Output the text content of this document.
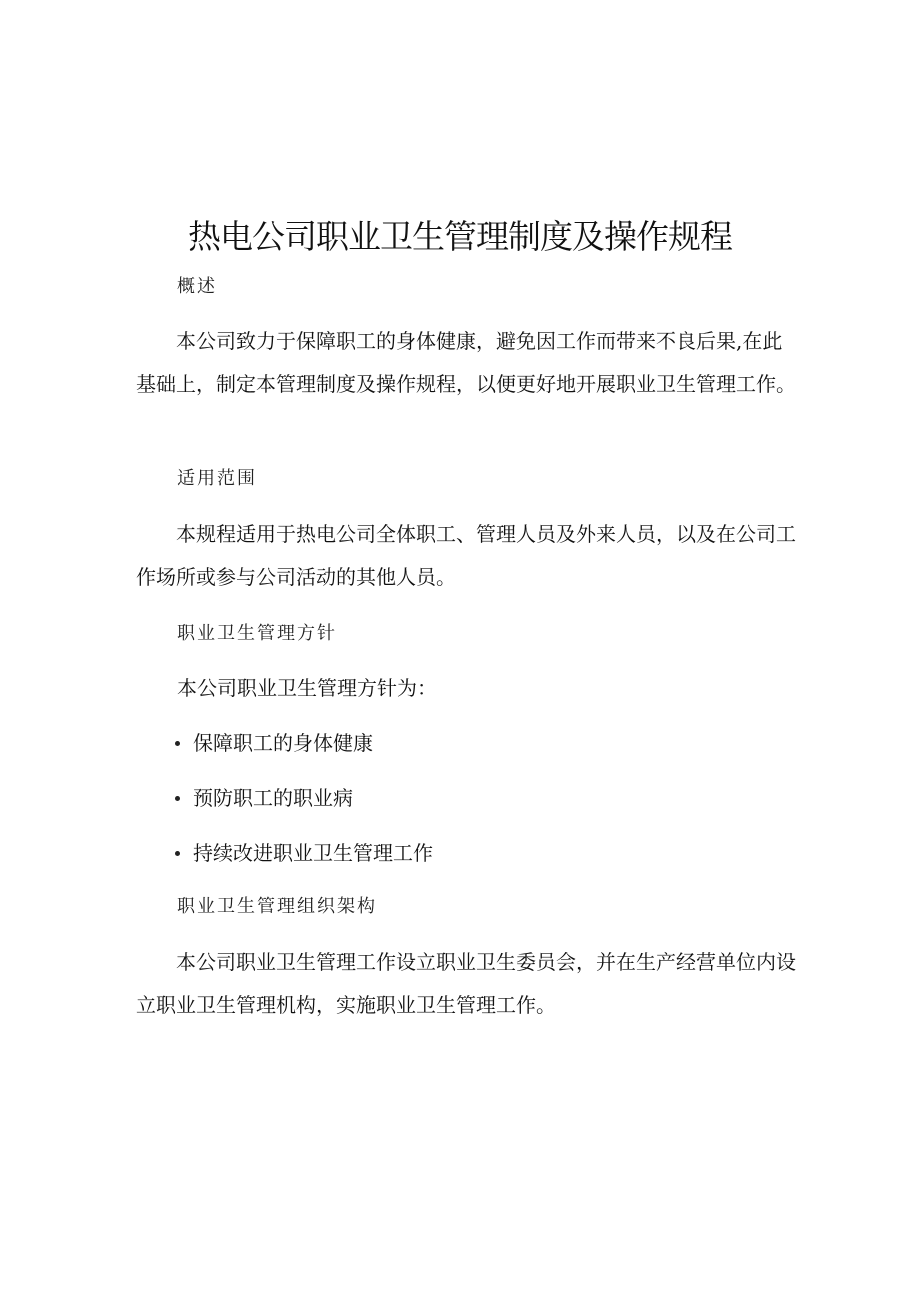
热电公司职业卫生管理制度及操作规程
概述

本公司致力于保障职工的身体健康，避免因工作而带来不良后果,在此基础上，制定本管理制度及操作规程，以便更好地开展职业卫生管理工作。

适用范围

本规程适用于热电公司全体职工、管理人员及外来人员，以及在公司工作场所或参与公司活动的其他人员。

职业卫生管理方针
本公司职业卫生管理方针为：
保障职工的身体健康
预防职工的职业病
持续改进职业卫生管理工作
职业卫生管理组织架构

本公司职业卫生管理工作设立职业卫生委员会，并在生产经营单位内设立职业卫生管理机构，实施职业卫生管理工作。
